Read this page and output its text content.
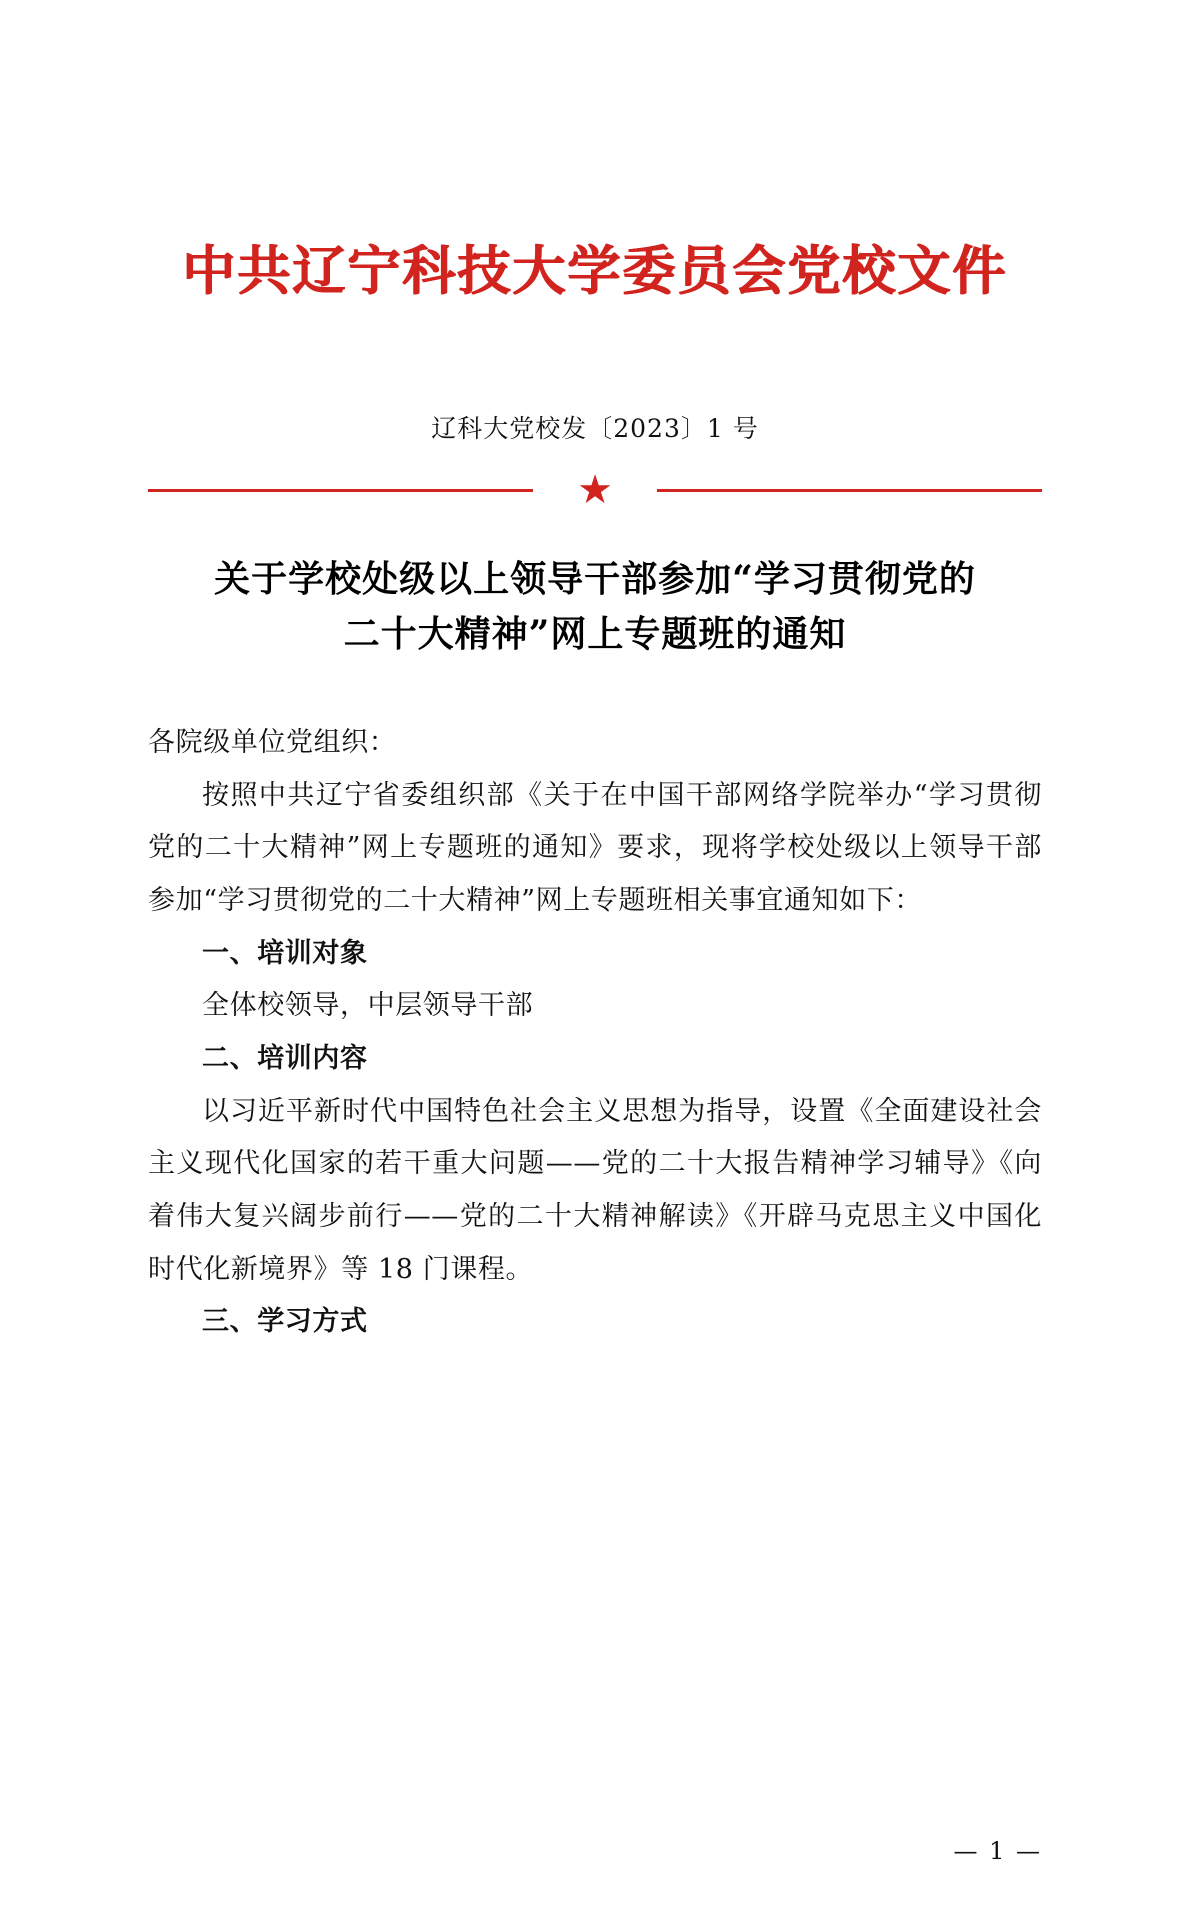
中共辽宁科技大学委员会党校文件
辽科大党校发〔2023〕1 号
★
关于学校处级以上领导干部参加“学习贯彻党的
二十大精神”网上专题班的通知

各院级单位党组织：

按照中共辽宁省委组织部《关于在中国干部网络学院举办“学习贯彻党的二十大精神”网上专题班的通知》要求，现将学校处级以上领导干部参加“学习贯彻党的二十大精神”网上专题班相关事宜通知如下：

一、培训对象

全体校领导，中层领导干部

二、培训内容

以习近平新时代中国特色社会主义思想为指导，设置《全面建设社会主义现代化国家的若干重大问题——党的二十大报告精神学习辅导》《向着伟大复兴阔步前行——党的二十大精神解读》《开辟马克思主义中国化时代化新境界》等 18 门课程。

三、学习方式

— 1 —
